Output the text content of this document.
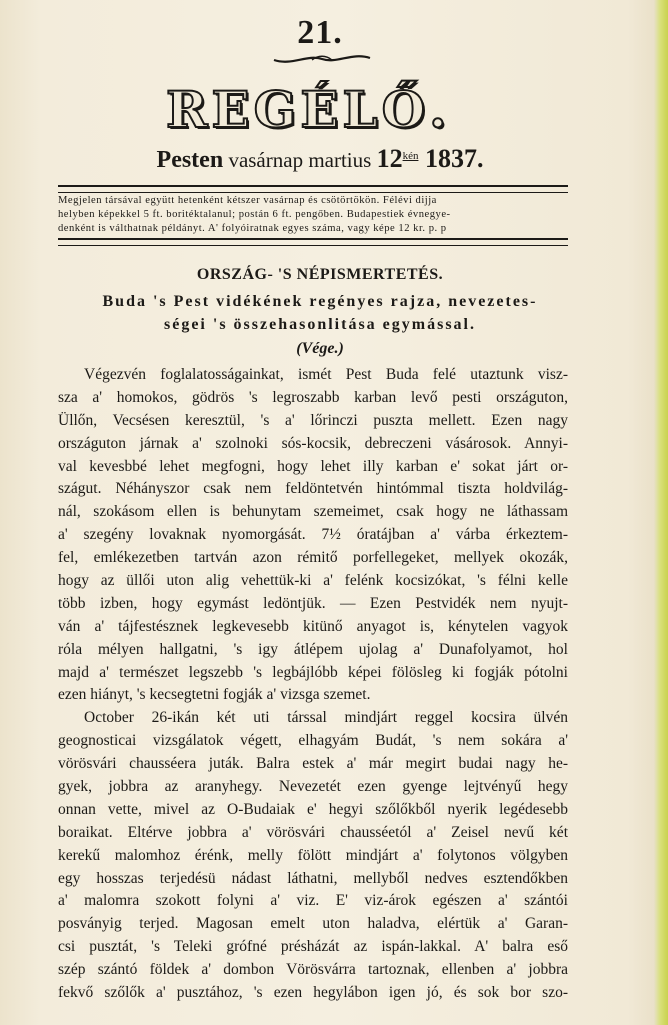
21.
REGÉLŐ.
Pesten vasárnap martius $12^{kén}$ 1837.
Megjelen társával együtt hetenként kétszer vasárnap és csötörtökön. Félévi dijja
helyben képekkel 5 ft. boritéktalanul; postán 6 ft. pengőben. Budapestiek évnegye-
denként is válthatnak példányt. A' folyóiratnak egyes száma, vagy képe 12 kr. p. p
ORSZÁG- 'S NÉPISMERTETÉS.
Buda 's Pest vidékének regényes rajza, nevezetes-
ségei 's összehasonlitása egymással.
(Vége.)
Végezvén foglalatosságainkat, ismét Pest Buda felé utaztunk visz-
sza a' homokos, gödrös 's legroszabb karban levő pesti országuton,
Üllőn, Vecsésen keresztül, 's a' lőrinczi puszta mellett. Ezen nagy
országuton járnak a' szolnoki sós-kocsik, debreczeni vásárosok. Annyi-
val kevesbbé lehet megfogni, hogy lehet illy karban e' sokat járt or-
szágut. Néhányszor csak nem feldöntetvén hintómmal tiszta holdvilág-
nál, szokásom ellen is behunytam szemeimet, csak hogy ne láthassam
a' szegény lovaknak nyomorgását. 7½ óratájban a' várba érkeztem-
fel, emlékezetben tartván azon rémitő porfellegeket, mellyek okozák,
hogy az üllői uton alig vehettük-ki a' felénk kocsizókat, 's félni kelle
több izben, hogy egymást ledöntjük. — Ezen Pestvidék nem nyujt-
ván a' tájfestésznek legkevesebb kitünő anyagot is, kénytelen vagyok
róla mélyen hallgatni, 's igy átlépem ujolag a' Dunafolyamot, hol
majd a' természet legszebb 's legbájlóbb képei fölösleg ki fogják pótolni
ezen hiányt, 's kecsegtetni fogják a' vizsga szemet.
October 26-ikán két uti társsal mindjárt reggel kocsira ülvén
geognosticai vizsgálatok végett, elhagyám Budát, 's nem sokára a'
vörösvári chausséera juták. Balra estek a' már megirt budai nagy he-
gyek, jobbra az aranyhegy. Nevezetét ezen gyenge lejtvényű hegy
onnan vette, mivel az O-Budaiak e' hegyi szőlőkből nyerik legédesebb
boraikat. Eltérve jobbra a' vörösvári chausséetól a' Zeisel nevű két
kerekű malomhoz érénk, melly fölött mindjárt a' folytonos völgyben
egy hosszas terjedésü nádast láthatni, mellyből nedves esztendőkben
a' malomra szokott folyni a' viz. E' viz-árok egészen a' szántói
posványig terjed. Magosan emelt uton haladva, elértük a' Garan-
csi pusztát, 's Teleki grófné présházát az ispán-lakkal. A' balra eső
szép szántó földek a' dombon Vörösvárra tartoznak, ellenben a' jobbra
fekvő szőlők a' pusztához, 's ezen hegylábon igen jó, és sok bor szo-
